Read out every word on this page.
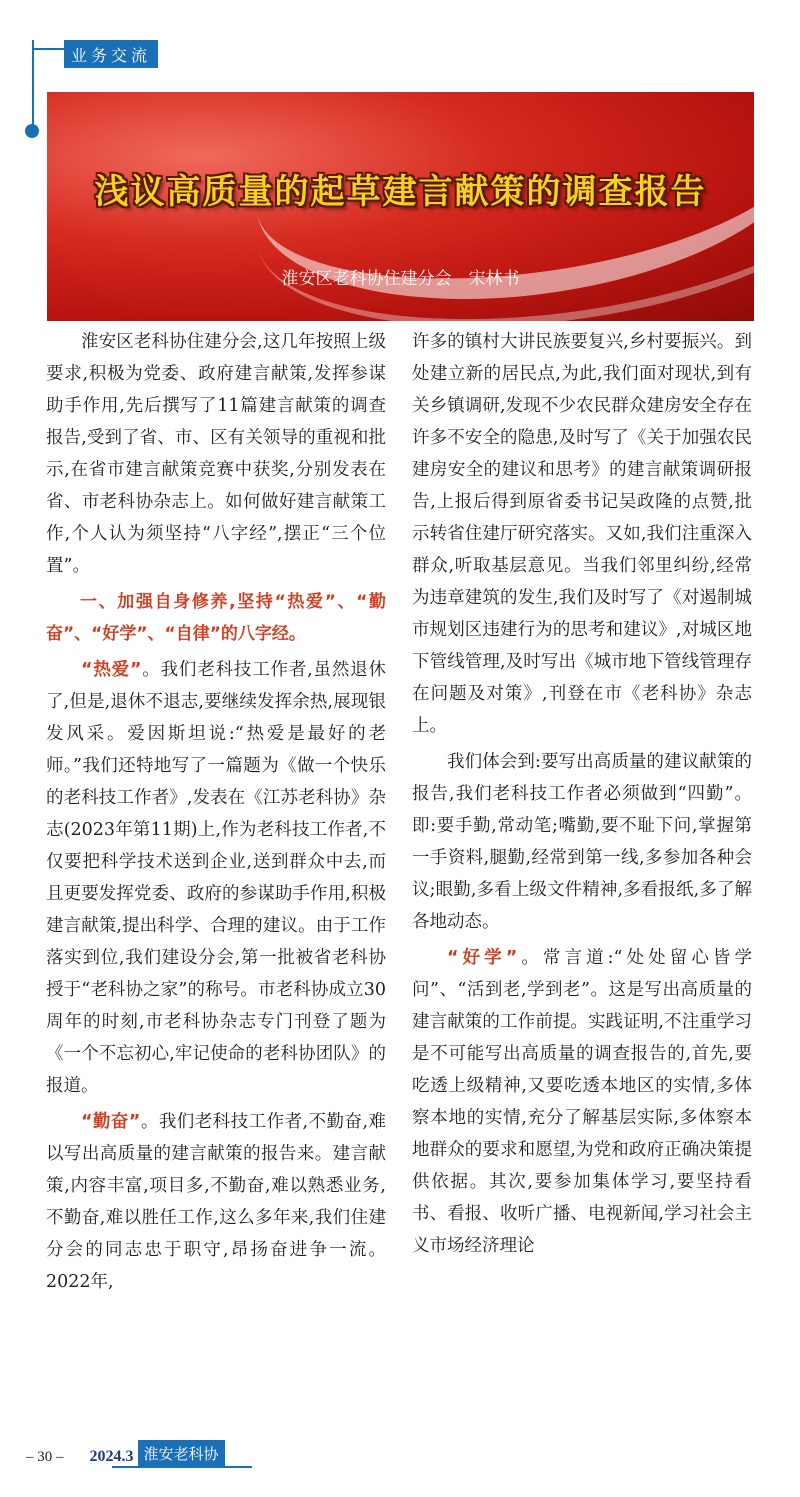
业务交流
浅议高质量的起草建言献策的调查报告
淮安区老科协住建分会　宋林书

淮安区老科协住建分会,这几年按照上级要求,积极为党委、政府建言献策,发挥参谋助手作用,先后撰写了11篇建言献策的调查报告,受到了省、市、区有关领导的重视和批示,在省市建言献策竞赛中获奖,分别发表在省、市老科协杂志上。如何做好建言献策工作,个人认为须坚持“八字经”,摆正“三个位置”。

一、加强自身修养,坚持“热爱”、“勤奋”、“好学”、“自律”的八字经。

“热爱”。我们老科技工作者,虽然退休了,但是,退休不退志,要继续发挥余热,展现银发风采。爱因斯坦说:“热爱是最好的老师。”我们还特地写了一篇题为《做一个快乐的老科技工作者》,发表在《江苏老科协》杂志(2023年第11期)上,作为老科技工作者,不仅要把科学技术送到企业,送到群众中去,而且更要发挥党委、政府的参谋助手作用,积极建言献策,提出科学、合理的建议。由于工作落实到位,我们建设分会,第一批被省老科协授于“老科协之家”的称号。市老科协成立30周年的时刻,市老科协杂志专门刊登了题为《一个不忘初心,牢记使命的老科协团队》的报道。

“勤奋”。我们老科技工作者,不勤奋,难以写出高质量的建言献策的报告来。建言献策,内容丰富,项目多,不勤奋,难以熟悉业务,不勤奋,难以胜任工作,这么多年来,我们住建分会的同志忠于职守,昂扬奋进争一流。2022年,

许多的镇村大讲民族要复兴,乡村要振兴。到处建立新的居民点,为此,我们面对现状,到有关乡镇调研,发现不少农民群众建房安全存在许多不安全的隐患,及时写了《关于加强农民建房安全的建议和思考》的建言献策调研报告,上报后得到原省委书记吴政隆的点赞,批示转省住建厅研究落实。又如,我们注重深入群众,听取基层意见。当我们邻里纠纷,经常为违章建筑的发生,我们及时写了《对遏制城市规划区违建行为的思考和建议》,对城区地下管线管理,及时写出《城市地下管线管理存在问题及对策》,刊登在市《老科协》杂志上。

我们体会到:要写出高质量的建议献策的报告,我们老科技工作者必须做到“四勤”。即:要手勤,常动笔;嘴勤,要不耻下问,掌握第一手资料,腿勤,经常到第一线,多参加各种会议;眼勤,多看上级文件精神,多看报纸,多了解各地动态。

“好学”。常言道:“处处留心皆学问”、“活到老,学到老”。这是写出高质量的建言献策的工作前提。实践证明,不注重学习是不可能写出高质量的调查报告的,首先,要吃透上级精神,又要吃透本地区的实情,多体察本地的实情,充分了解基层实际,多体察本地群众的要求和愿望,为党和政府正确决策提供依据。其次,要参加集体学习,要坚持看书、看报、收听广播、电视新闻,学习社会主义市场经济理论

– 30 – 2024.3 淮安老科协
